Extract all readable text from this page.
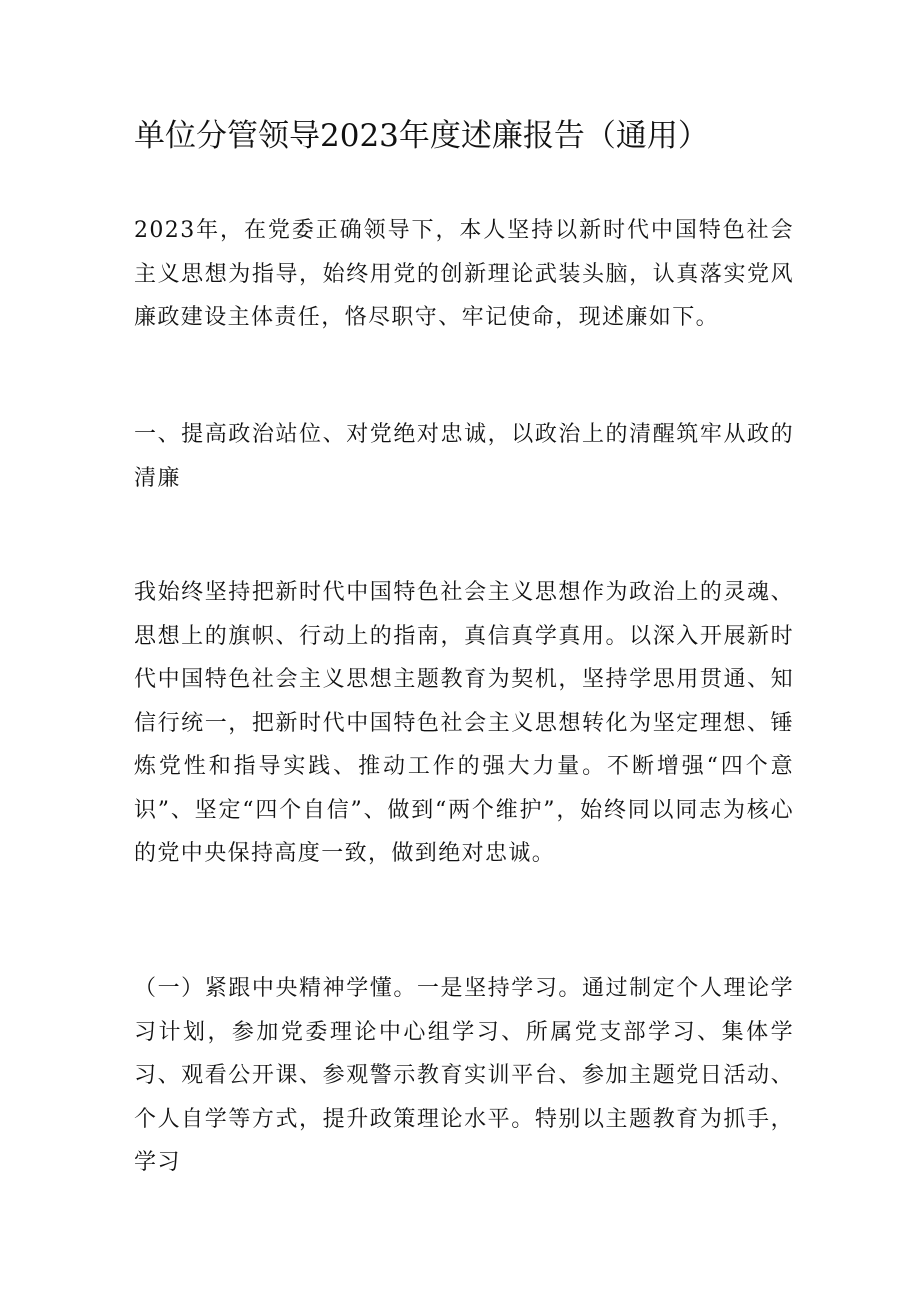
单位分管领导2023年度述廉报告（通用）

2023年，在党委正确领导下，本人坚持以新时代中国特色社会主义思想为指导，始终用党的创新理论武装头脑，认真落实党风廉政建设主体责任，恪尽职守、牢记使命，现述廉如下。

一、提高政治站位、对党绝对忠诚，以政治上的清醒筑牢从政的清廉

我始终坚持把新时代中国特色社会主义思想作为政治上的灵魂、思想上的旗帜、行动上的指南，真信真学真用。以深入开展新时代中国特色社会主义思想主题教育为契机，坚持学思用贯通、知信行统一，把新时代中国特色社会主义思想转化为坚定理想、锤炼党性和指导实践、推动工作的强大力量。不断增强“四个意识”、坚定“四个自信”、做到“两个维护”，始终同以同志为核心的党中央保持高度一致，做到绝对忠诚。

（一）紧跟中央精神学懂。一是坚持学习。通过制定个人理论学习计划，参加党委理论中心组学习、所属党支部学习、集体学习、观看公开课、参观警示教育实训平台、参加主题党日活动、个人自学等方式，提升政策理论水平。特别以主题教育为抓手，学习
